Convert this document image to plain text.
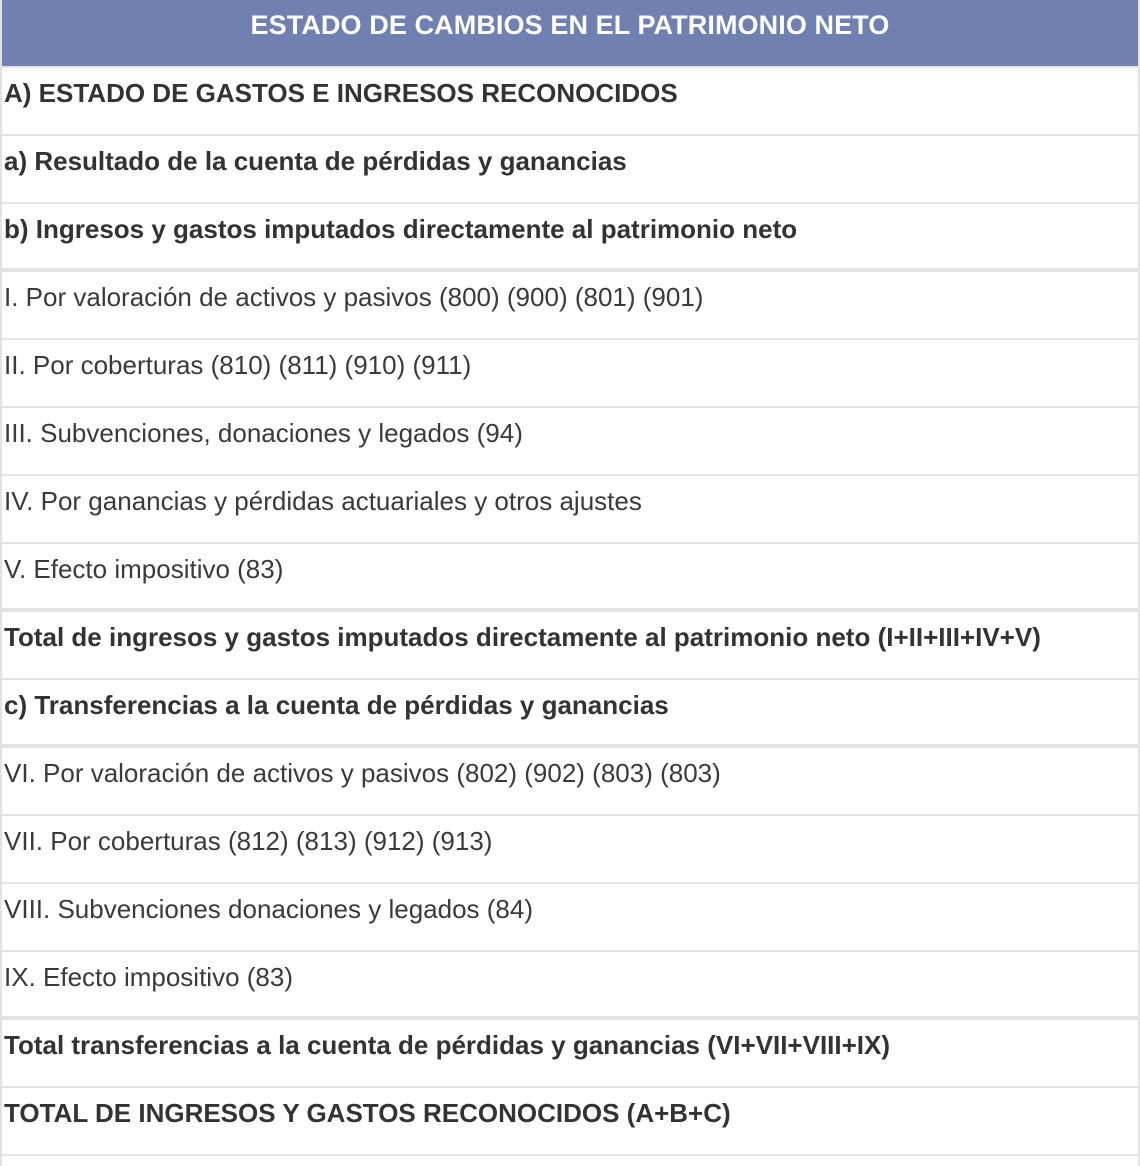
ESTADO DE CAMBIOS EN EL PATRIMONIO NETO
A) ESTADO DE GASTOS E INGRESOS RECONOCIDOS
a) Resultado de la cuenta de pérdidas y ganancias
b) Ingresos y gastos imputados directamente al patrimonio neto
I. Por valoración de activos y pasivos (800) (900) (801) (901)
II. Por coberturas (810) (811) (910) (911)
III. Subvenciones, donaciones y legados (94)
IV. Por ganancias y pérdidas actuariales y otros ajustes
V. Efecto impositivo (83)
Total de ingresos y gastos imputados directamente al patrimonio neto (I+II+III+IV+V)
c) Transferencias a la cuenta de pérdidas y ganancias
VI. Por valoración de activos y pasivos (802) (902) (803) (803)
VII. Por coberturas (812) (813) (912) (913)
VIII. Subvenciones donaciones y legados (84)
IX. Efecto impositivo (83)
Total transferencias a la cuenta de pérdidas y ganancias (VI+VII+VIII+IX)
TOTAL DE INGRESOS Y GASTOS RECONOCIDOS (A+B+C)
